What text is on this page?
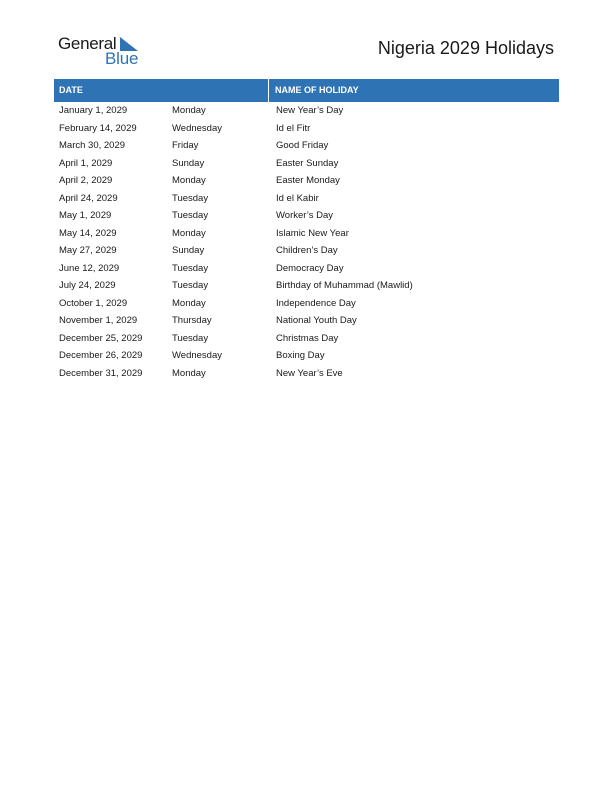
General
Blue
Nigeria 2029 Holidays
DATE	NAME OF HOLIDAY
January 1, 2029	Monday	New Year’s Day
February 14, 2029	Wednesday	Id el Fitr
March 30, 2029	Friday	Good Friday
April 1, 2029	Sunday	Easter Sunday
April 2, 2029	Monday	Easter Monday
April 24, 2029	Tuesday	Id el Kabir
May 1, 2029	Tuesday	Worker’s Day
May 14, 2029	Monday	Islamic New Year
May 27, 2029	Sunday	Children’s Day
June 12, 2029	Tuesday	Democracy Day
July 24, 2029	Tuesday	Birthday of Muhammad (Mawlid)
October 1, 2029	Monday	Independence Day
November 1, 2029	Thursday	National Youth Day
December 25, 2029	Tuesday	Christmas Day
December 26, 2029	Wednesday	Boxing Day
December 31, 2029	Monday	New Year’s Eve
